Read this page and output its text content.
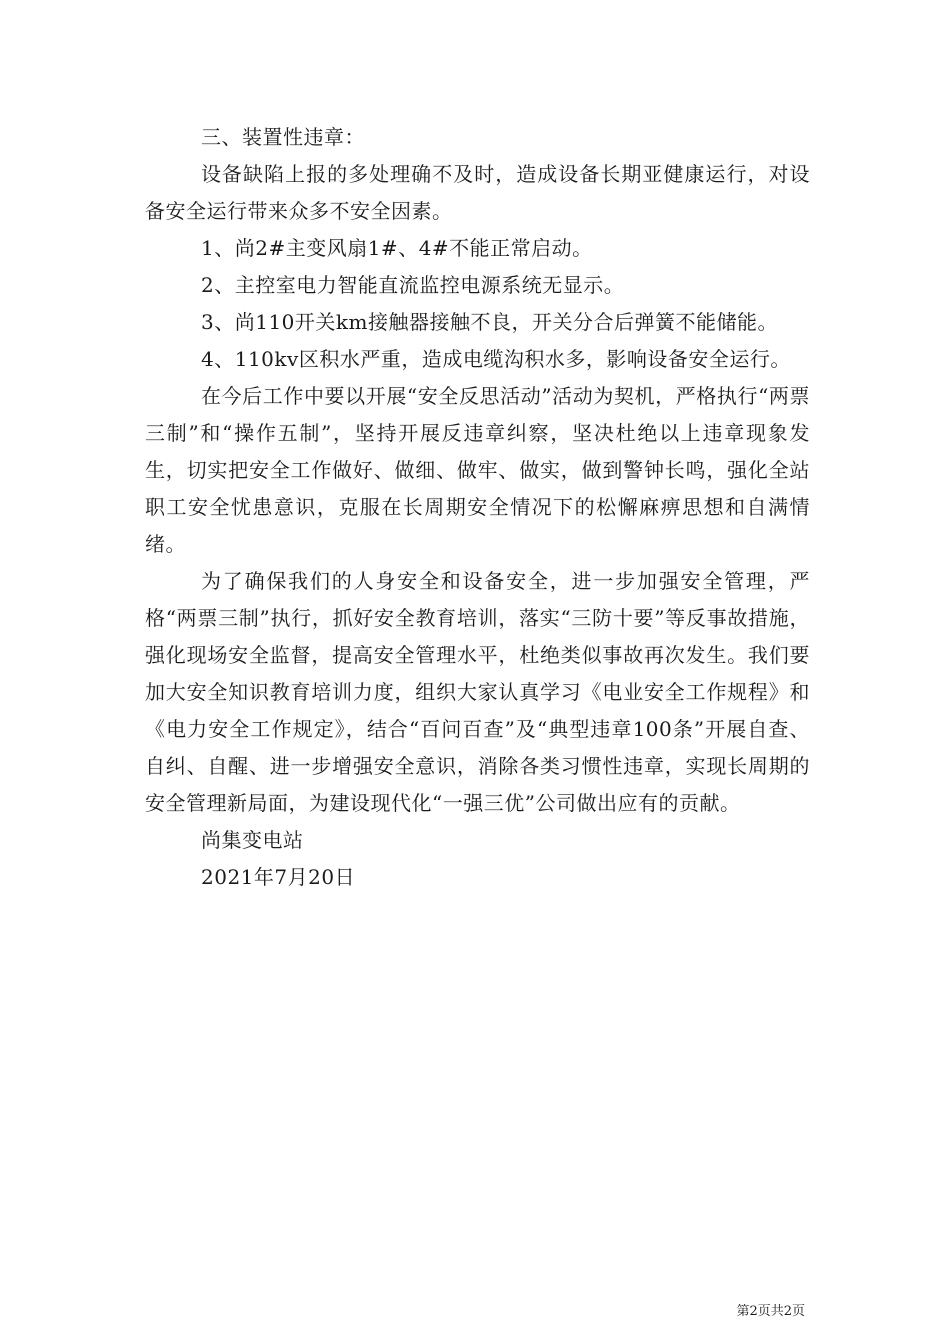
三、装置性违章：

设备缺陷上报的多处理确不及时，造成设备长期亚健康运行，对设备安全运行带来众多不安全因素。

1、尚2#主变风扇1#、4#不能正常启动。

2、主控室电力智能直流监控电源系统无显示。

3、尚110开关km接触器接触不良，开关分合后弹簧不能储能。

4、110kv区积水严重，造成电缆沟积水多，影响设备安全运行。

在今后工作中要以开展“安全反思活动”活动为契机，严格执行“两票三制”和“操作五制”，坚持开展反违章纠察，坚决杜绝以上违章现象发生，切实把安全工作做好、做细、做牢、做实，做到警钟长鸣，强化全站职工安全忧患意识，克服在长周期安全情况下的松懈麻痹思想和自满情绪。

为了确保我们的人身安全和设备安全，进一步加强安全管理，严格“两票三制”执行，抓好安全教育培训，落实“三防十要”等反事故措施，强化现场安全监督，提高安全管理水平，杜绝类似事故再次发生。我们要加大安全知识教育培训力度，组织大家认真学习《电业安全工作规程》和《电力安全工作规定》，结合“百问百查”及“典型违章100条”开展自查、自纠、自醒、进一步增强安全意识，消除各类习惯性违章，实现长周期的安全管理新局面，为建设现代化“一强三优”公司做出应有的贡献。

尚集变电站

2021年7月20日

第2页共2页
